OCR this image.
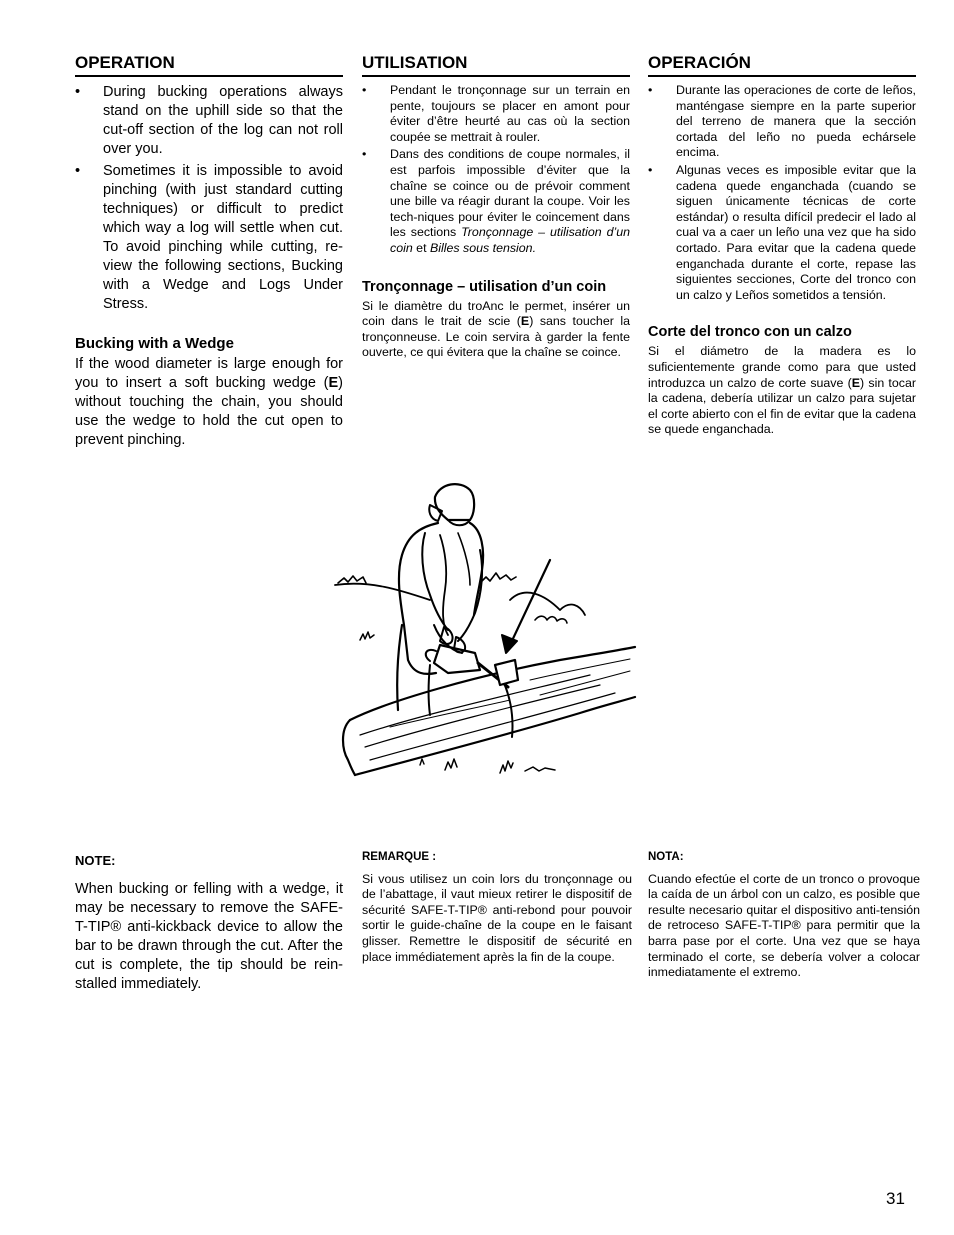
OPERATION
• During bucking operations always stand on the uphill side so that the cut-off section of the log can not roll over you.
• Sometimes it is impossible to avoid pinching (with just standard cutting techniques) or difficult to predict which way a log will settle when cut. To avoid pinching while cutting, re-view the following sections, Bucking with a Wedge and Logs Under Stress.
Bucking with a Wedge

If the wood diameter is large enough for you to insert a soft bucking wedge (E) without touching the chain, you should use the wedge to hold the cut open to prevent pinching.

UTILISATION
• Pendant le tronçonnage sur un terrain en pente, toujours se placer en amont pour éviter d’être heurté au cas où la section coupée se mettrait à rouler.
• Dans des conditions de coupe normales, il est parfois impossible d’éviter que la chaîne se coince ou de prévoir comment une bille va réagir durant la coupe. Voir les tech-niques pour éviter le coincement dans les sections Tronçonnage – utilisation d’un coin et Billes sous tension.
Tronçonnage – utilisation d’un coin

Si le diamètre du troAnc le permet, insérer un coin dans le trait de scie (E) sans toucher la tronçonneuse. Le coin servira à garder la fente ouverte, ce qui évitera que la chaîne se coince.

OPERACIÓN
• Durante las operaciones de corte de leños, manténgase siempre en la parte superior del terreno de manera que la sección cortada del leño no pueda echársele encima.
• Algunas veces es imposible evitar que la cadena quede enganchada (cuando se siguen únicamente técnicas de corte estándar) o resulta difícil predecir el lado al cual va a caer un leño una vez que ha sido cortado. Para evitar que la cadena quede enganchada durante el corte, repase las siguientes secciones, Corte del tronco con un calzo y Leños sometidos a tensión.
Corte del tronco con un calzo

Si el diámetro de la madera es lo suficientemente grande como para que usted introduzca un calzo de corte suave (E) sin tocar la cadena, debería utilizar un calzo para sujetar el corte abierto con el fin de evitar que la cadena se quede enganchada.

NOTE:

When bucking or felling with a wedge, it may be necessary to remove the SAFE-T-TIP® anti-kickback device to allow the bar to be drawn through the cut. After the cut is complete, the tip should be rein-stalled immediately.

REMARQUE :

Si vous utilisez un coin lors du tronçonnage ou de l’abattage, il vaut mieux retirer le dispositif de sécurité SAFE-T-TIP® anti-rebond pour pouvoir sortir le guide-chaîne de la coupe en le faisant glisser. Remettre le dispositif de sécurité en place immédiatement après la fin de la coupe.

NOTA:

Cuando efectúe el corte de un tronco o provoque la caída de un árbol con un calzo, es posible que resulte necesario quitar el dispositivo anti-tensión de retroceso SAFE-T-TIP® para permitir que la barra pase por el corte. Una vez que se haya terminado el corte, se debería volver a colocar inmediatamente el extremo.

31
